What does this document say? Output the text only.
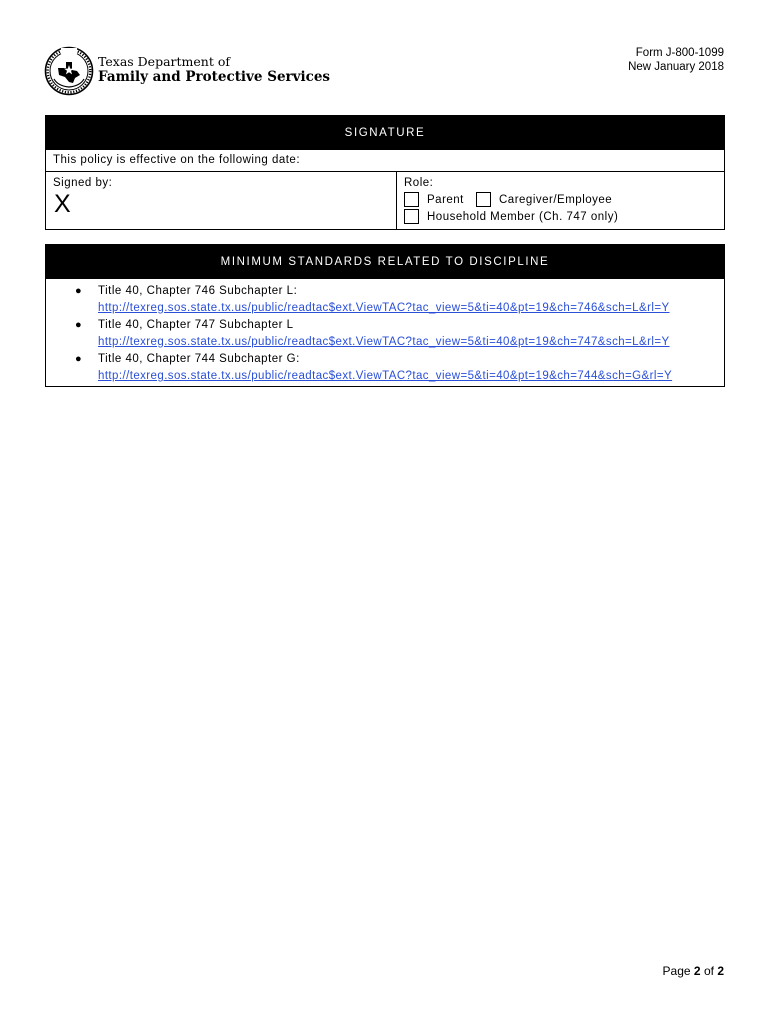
Texas Department of
Family and Protective Services
Form J-800-1099
New January 2018
SIGNATURE
This policy is effective on the following date:
Signed by:
X
Role:
Parent	Caregiver/Employee
Household Member (Ch. 747 only)
MINIMUM STANDARDS RELATED TO DISCIPLINE
● Title 40, Chapter 746 Subchapter L:
http://texreg.sos.state.tx.us/public/readtac$ext.ViewTAC?tac_view=5&ti=40&pt=19&ch=746&sch=L&rl=Y
● Title 40, Chapter 747 Subchapter L
http://texreg.sos.state.tx.us/public/readtac$ext.ViewTAC?tac_view=5&ti=40&pt=19&ch=747&sch=L&rl=Y
● Title 40, Chapter 744 Subchapter G:
http://texreg.sos.state.tx.us/public/readtac$ext.ViewTAC?tac_view=5&ti=40&pt=19&ch=744&sch=G&rl=Y
Page 2 of 2
